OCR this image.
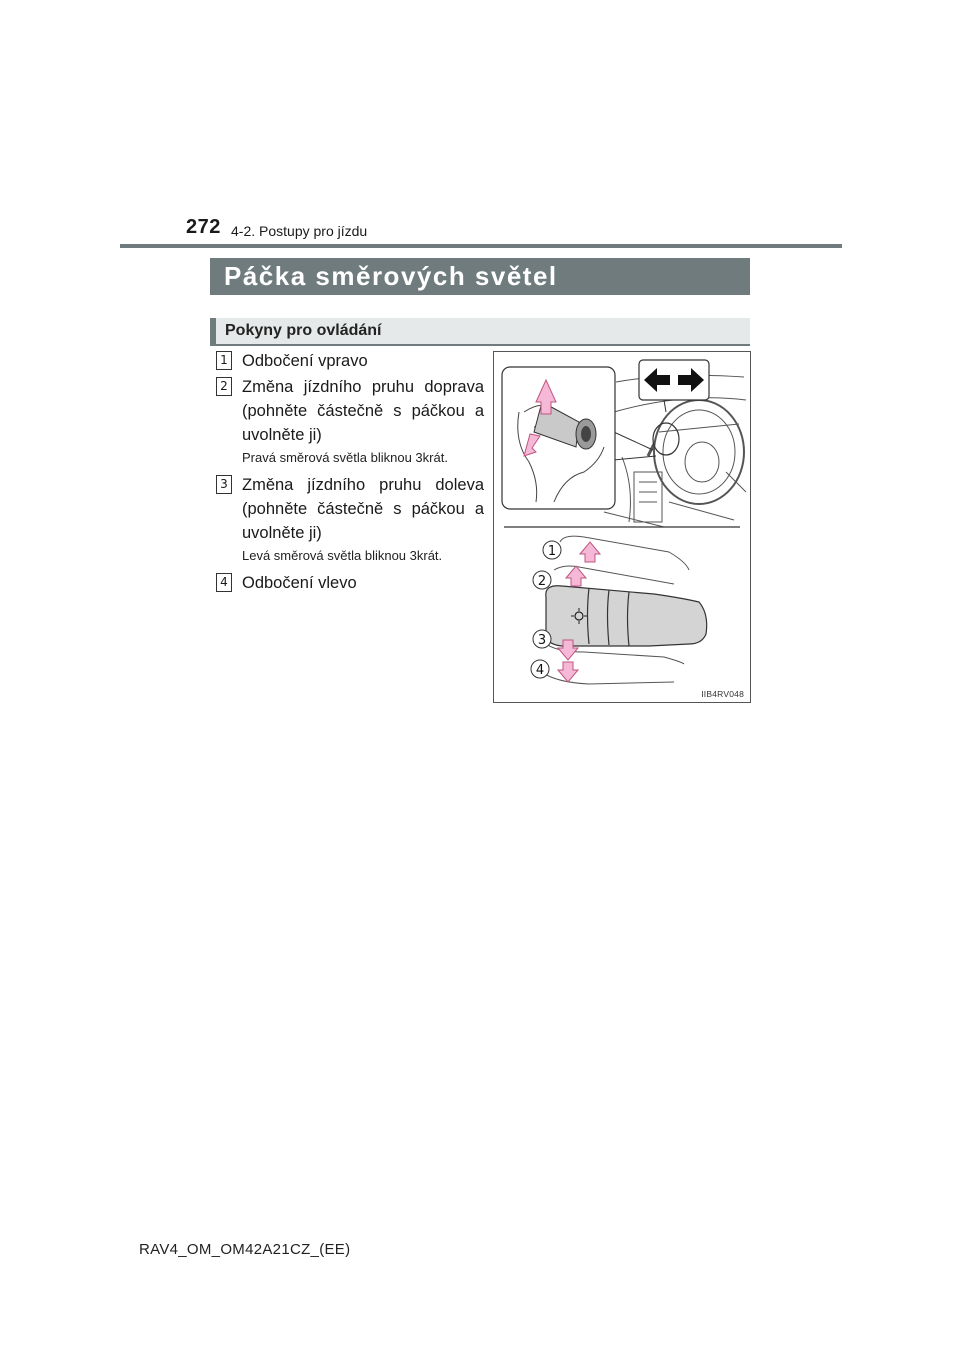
272 4-2. Postupy pro jízdu
Páčka směrových světel
Pokyny pro ovládání
1 Odbočení vpravo
2 Změna jízdního pruhu doprava (pohněte částečně s páčkou a uvolněte ji)
Pravá směrová světla bliknou 3krát.
3 Změna jízdního pruhu doleva (pohněte částečně s páčkou a uvolněte ji)
Levá směrová světla bliknou 3krát.
4 Odbočení vlevo
1
2
3
4
IIB4RV048
RAV4_OM_OM42A21CZ_(EE)
